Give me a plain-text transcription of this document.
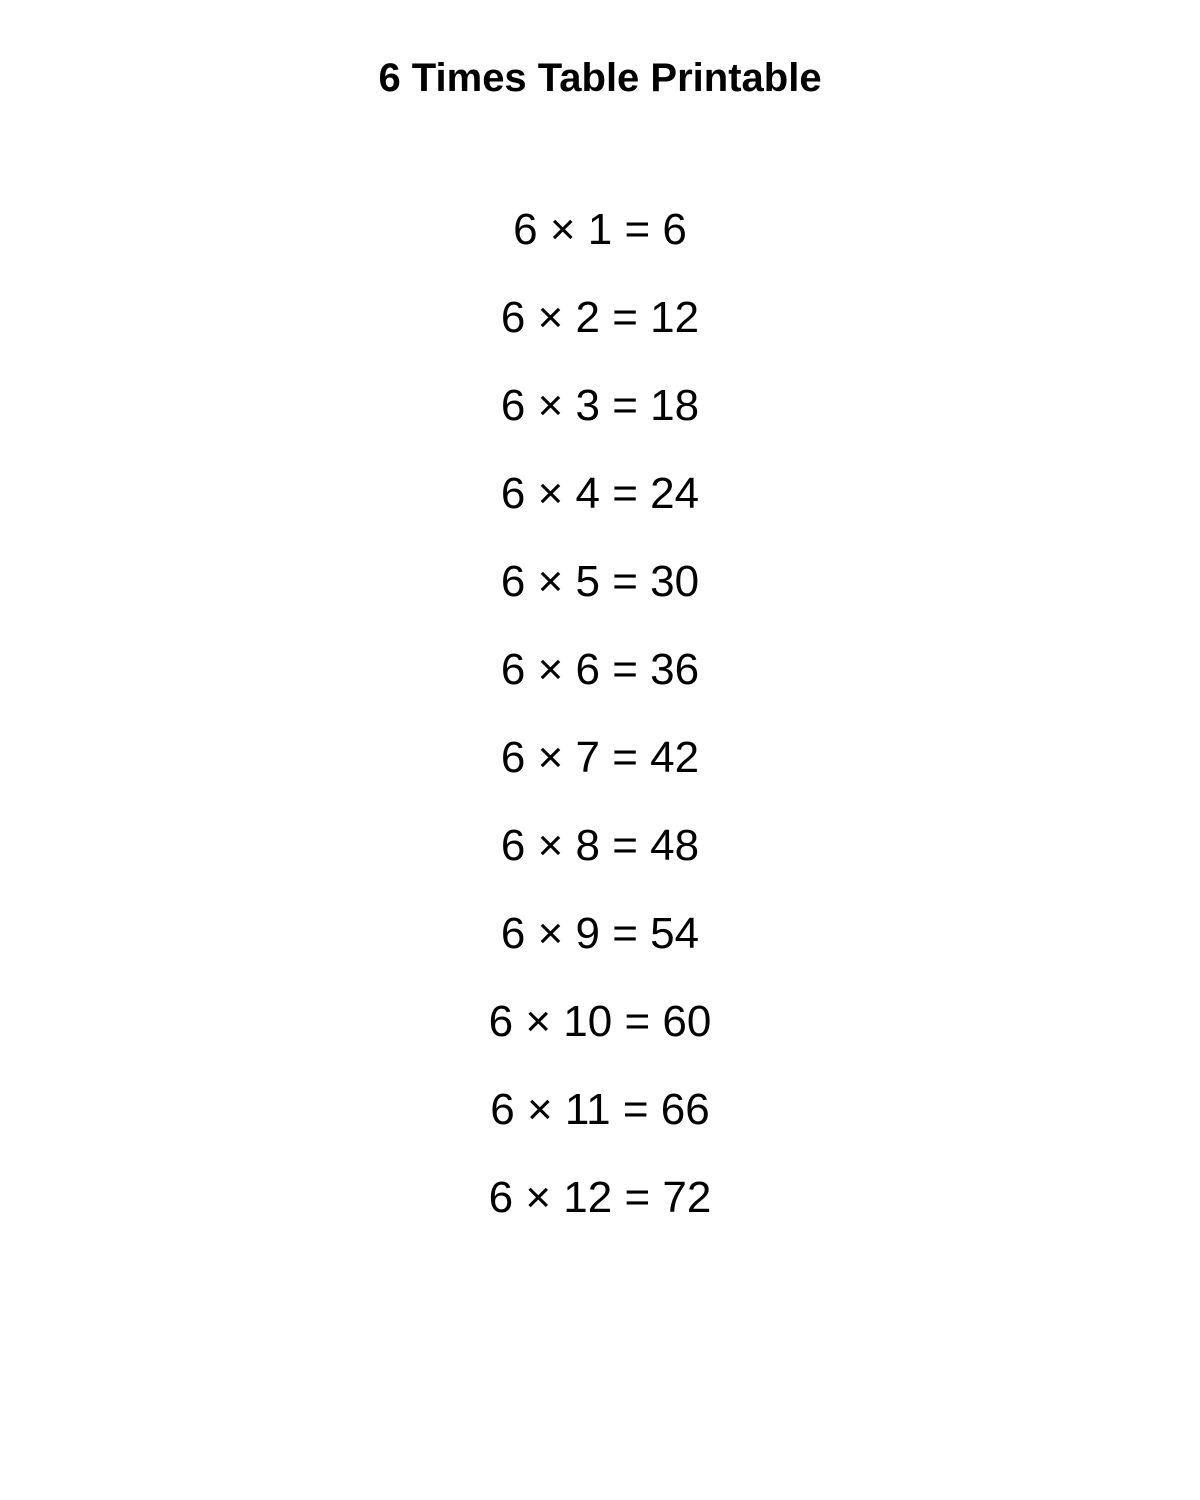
6 Times Table Printable
6 × 1 = 6
6 × 2 = 12
6 × 3 = 18
6 × 4 = 24
6 × 5 = 30
6 × 6 = 36
6 × 7 = 42
6 × 8 = 48
6 × 9 = 54
6 × 10 = 60
6 × 11 = 66
6 × 12 = 72
